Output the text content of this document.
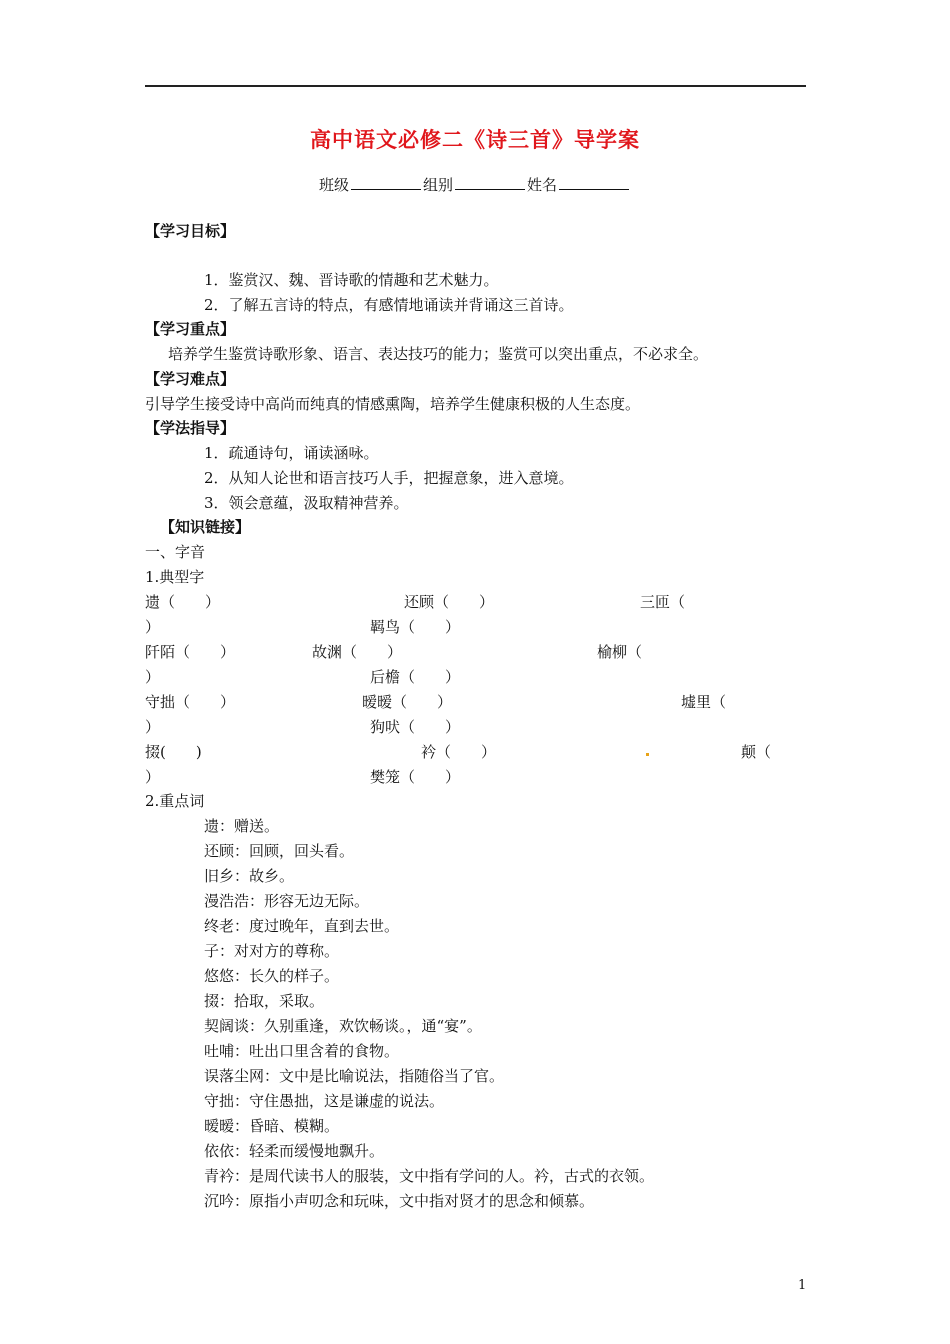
高中语文必修二《诗三首》导学案
班级	组别	姓名
【学习目标】
1．鉴赏汉、魏、晋诗歌的情趣和艺术魅力。
2．了解五言诗的特点，有感情地诵读并背诵这三首诗。
【学习重点】
培养学生鉴赏诗歌形象、语言、表达技巧的能力；鉴赏可以突出重点，不必求全。
【学习难点】
引导学生接受诗中高尚而纯真的情感熏陶，培养学生健康积极的人生态度。
【学法指导】
1．疏通诗句，诵读涵咏。
2．从知人论世和语言技巧人手，把握意象，进入意境。
3．领会意蕴，汲取精神营养。
【知识链接】
一、字音
1.典型字
遗（　　）	还顾（　　）	三匝（
）	羁鸟（　　）
阡陌（　　）	故渊（　　）	榆柳（
）	后檐（　　）
守拙（　　）	暧暧（　　）	墟里（
）	狗吠（　　）
掇(　　)	衿（　　）	颠（
）	樊笼（　　）
2.重点词
遗：赠送。
还顾：回顾，回头看。
旧乡：故乡。
漫浩浩：形容无边无际。
终老：度过晚年，直到去世。
子：对对方的尊称。
悠悠：长久的样子。
掇：拾取，采取。
契阔谈：久别重逢，欢饮畅谈。，通“宴”。
吐哺：吐出口里含着的食物。
误落尘网：文中是比喻说法，指随俗当了官。
守拙：守住愚拙，这是谦虚的说法。
暧暧：昏暗、模糊。
依依：轻柔而缓慢地飘升。
青衿：是周代读书人的服装，文中指有学问的人。衿，古式的衣领。
沉吟：原指小声叨念和玩味，文中指对贤才的思念和倾慕。
1
